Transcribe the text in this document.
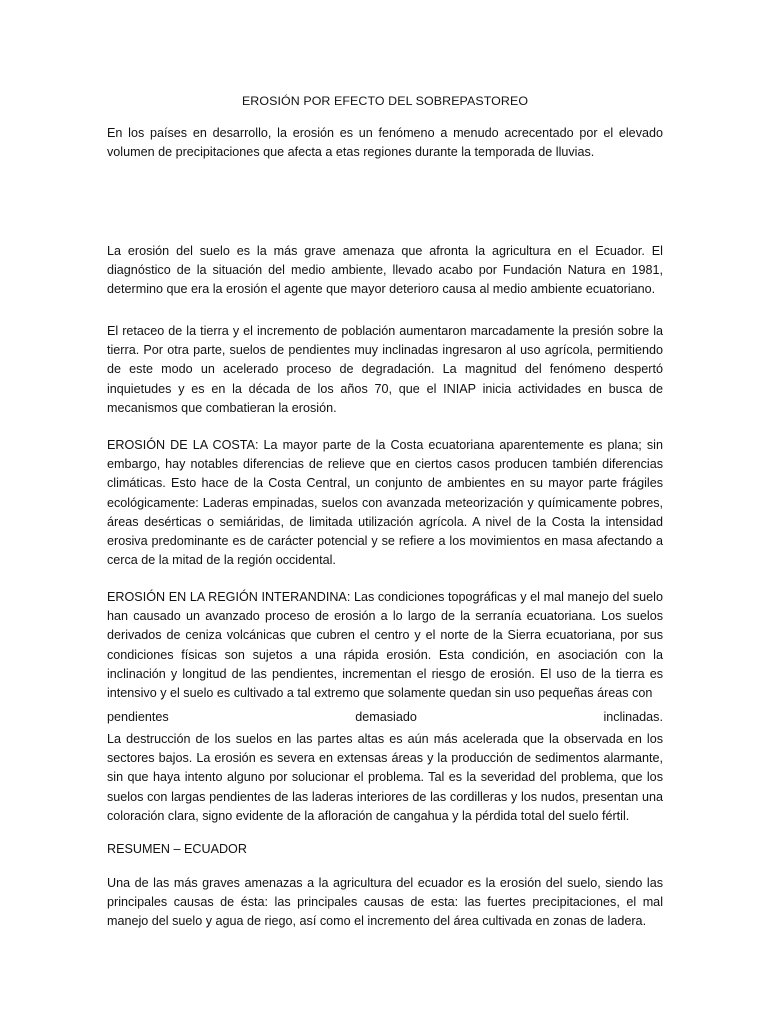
EROSIÓN POR EFECTO DEL SOBREPASTOREO

En los países en desarrollo, la erosión es un fenómeno a menudo acrecentado por el elevado volumen de precipitaciones que afecta a etas regiones durante la temporada de lluvias.

La erosión del suelo es la más grave amenaza que afronta la agricultura en el Ecuador. El diagnóstico de la situación del medio ambiente, llevado acabo por Fundación Natura en 1981, determino que era la erosión el agente que mayor deterioro causa al medio ambiente ecuatoriano.

El retaceo de la tierra y el incremento de población aumentaron marcadamente la presión sobre la tierra. Por otra parte, suelos de pendientes muy inclinadas ingresaron al uso agrícola, permitiendo de este modo un acelerado proceso de degradación. La magnitud del fenómeno despertó inquietudes y es en la década de los años 70, que el INIAP inicia actividades en busca de mecanismos que combatieran la erosión.

EROSIÓN DE LA COSTA: La mayor parte de la Costa ecuatoriana aparentemente es plana; sin embargo, hay notables diferencias de relieve que en ciertos casos producen también diferencias climáticas. Esto hace de la Costa Central, un conjunto de ambientes en su mayor parte frágiles ecológicamente: Laderas empinadas, suelos con avanzada meteorización y químicamente pobres, áreas desérticas o semiáridas, de limitada utilización agrícola. A nivel de la Costa la intensidad erosiva predominante es de carácter potencial y se refiere a los movimientos en masa afectando a cerca de la mitad de la región occidental.

EROSIÓN EN LA REGIÓN INTERANDINA: Las condiciones topográficas y el mal manejo del suelo han causado un avanzado proceso de erosión a lo largo de la serranía ecuatoriana. Los suelos derivados de ceniza volcánicas que cubren el centro y el norte de la Sierra ecuatoriana, por sus condiciones físicas son sujetos a una rápida erosión. Esta condición, en asociación con la inclinación y longitud de las pendientes, incrementan el riesgo de erosión. El uso de la tierra es intensivo y el suelo es cultivado a tal extremo que solamente quedan sin uso pequeñas áreas con

pendientes	demasiado	inclinadas.

La destrucción de los suelos en las partes altas es aún más acelerada que la observada en los sectores bajos. La erosión es severa en extensas áreas y la producción de sedimentos alarmante, sin que haya intento alguno por solucionar el problema. Tal es la severidad del problema, que los suelos con largas pendientes de las laderas interiores de las cordilleras y los nudos, presentan una coloración clara, signo evidente de la afloración de cangahua y la pérdida total del suelo fértil.

RESUMEN – ECUADOR

Una de las más graves amenazas a la agricultura del ecuador es la erosión del suelo, siendo las principales causas de ésta: las principales causas de esta: las fuertes precipitaciones, el mal manejo del suelo y agua de riego, así como el incremento del área cultivada en zonas de ladera.
